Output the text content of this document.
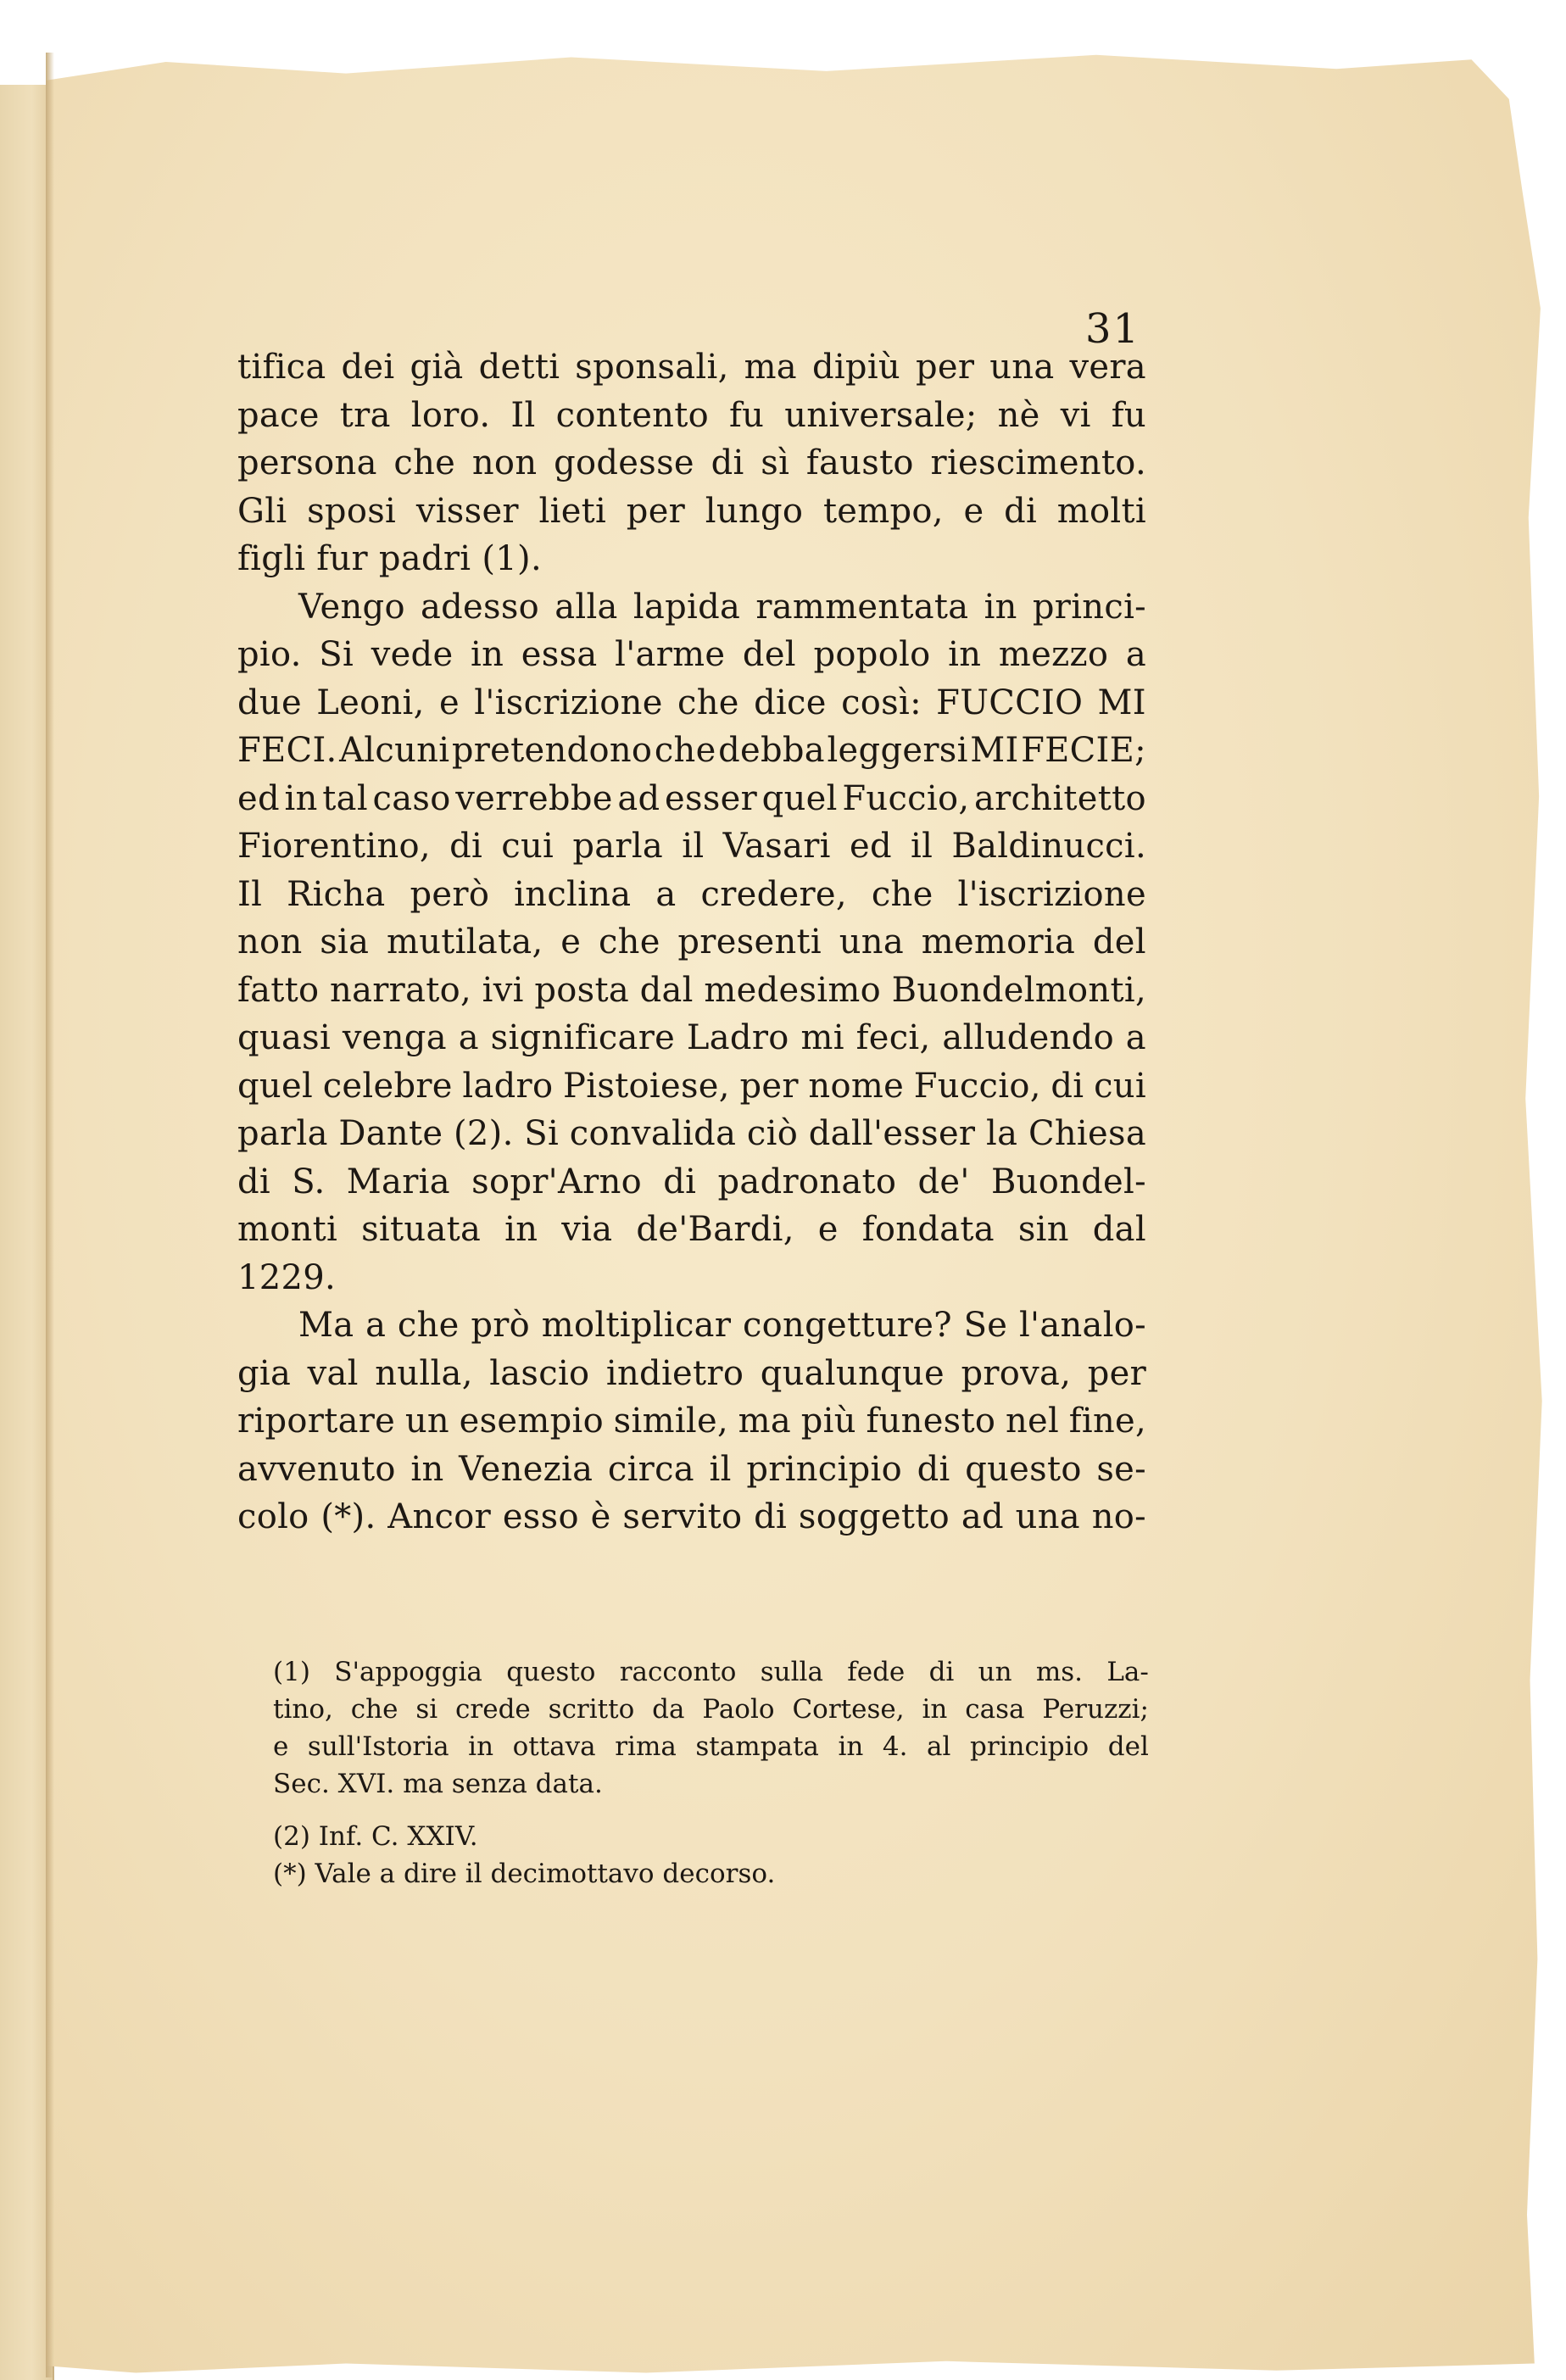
31
tifica dei già detti sponsali, ma dipiù per una vera
pace tra loro. Il contento fu universale; nè vi fu
persona che non godesse di sì fausto riescimento.
Gli sposi visser lieti per lungo tempo, e di molti
figli fur padri (1).
Vengo adesso alla lapida rammentata in princi-
pio. Si vede in essa l'arme del popolo in mezzo a
due Leoni, e l'iscrizione che dice così: FUCCIO MI
FECI. Alcuni pretendono che debba leggersi MI FECIE;
ed in tal caso verrebbe ad esser quel Fuccio, architetto
Fiorentino, di cui parla il Vasari ed il Baldinucci.
Il Richa però inclina a credere, che l'iscrizione
non sia mutilata, e che presenti una memoria del
fatto narrato, ivi posta dal medesimo Buondelmonti,
quasi venga a significare Ladro mi feci, alludendo a
quel celebre ladro Pistoiese, per nome Fuccio, di cui
parla Dante (2). Si convalida ciò dall'esser la Chiesa
di S. Maria sopr'Arno di padronato de' Buondel-
monti situata in via de'Bardi, e fondata sin dal
1229.
Ma a che prò moltiplicar congetture? Se l'analo-
gia val nulla, lascio indietro qualunque prova, per
riportare un esempio simile, ma più funesto nel fine,
avvenuto in Venezia circa il principio di questo se-
colo (*). Ancor esso è servito di soggetto ad una no-
(1) S'appoggia questo racconto sulla fede di un ms. La-
tino, che si crede scritto da Paolo Cortese, in casa Peruzzi;
e sull'Istoria in ottava rima stampata in 4. al principio del
Sec. XVI. ma senza data.
(2) Inf. C. XXIV.
(*) Vale a dire il decimottavo decorso.
